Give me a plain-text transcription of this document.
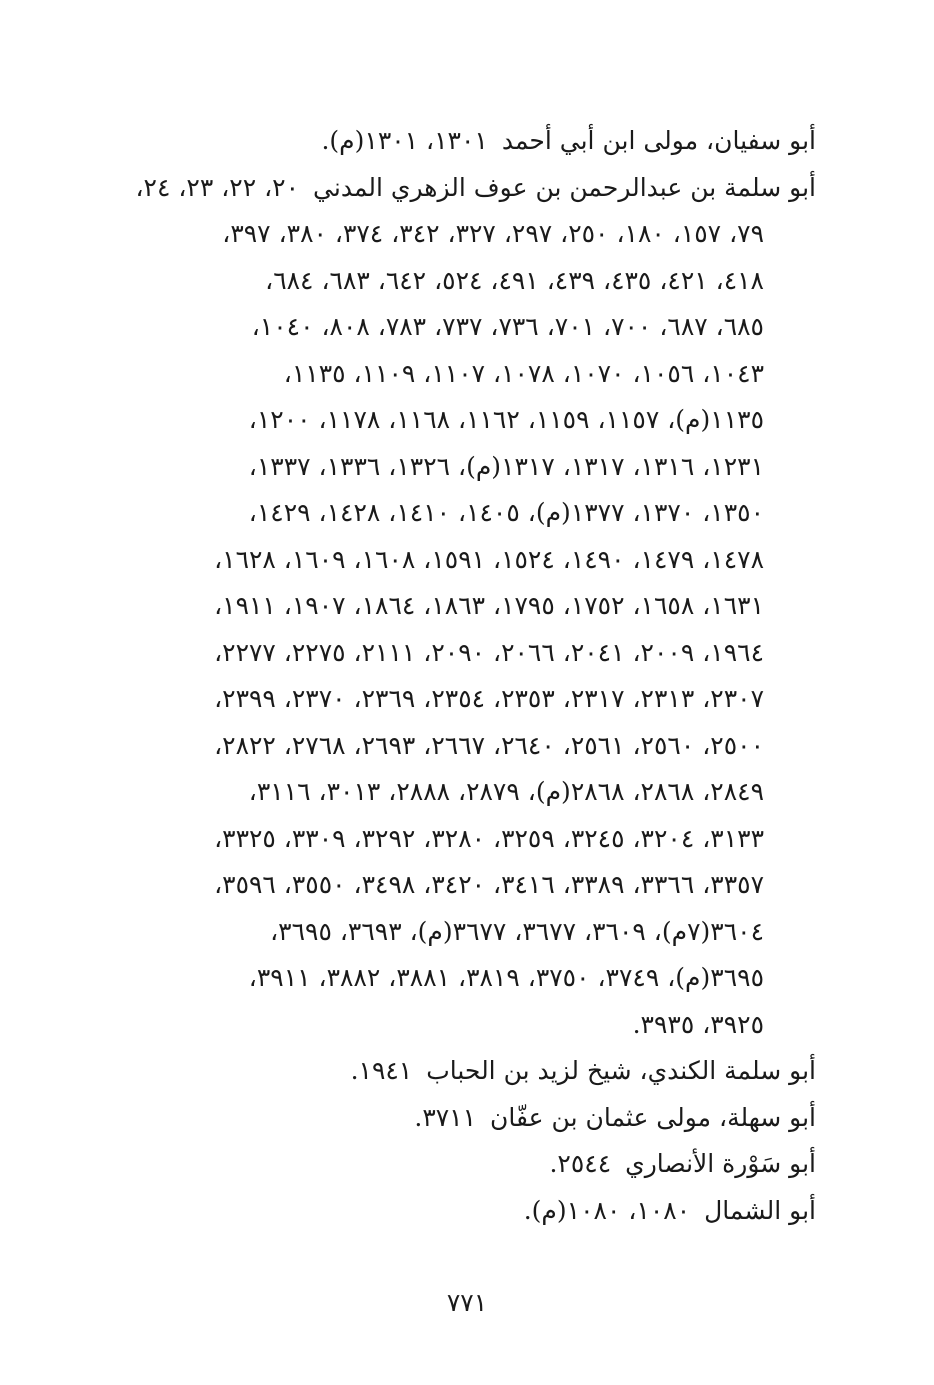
أبو سفيان، مولى ابن أبي أحمد١٣٠١، ١٣٠١(م).
أبو سلمة بن عبدالرحمن بن عوف الزهري المدني٢٠، ٢٢، ٢٣، ٢٤،
٧٩، ١٥٧، ١٨٠، ٢٥٠، ٢٩٧، ٣٢٧، ٣٤٢، ٣٧٤، ٣٨٠، ٣٩٧،
٤١٨، ٤٢١، ٤٣٥، ٤٣٩، ٤٩١، ٥٢٤، ٦٤٢، ٦٨٣، ٦٨٤،
٦٨٥، ٦٨٧، ٧٠٠، ٧٠١، ٧٣٦، ٧٣٧، ٧٨٣، ٨٠٨، ١٠٤٠،
١٠٤٣، ١٠٥٦، ١٠٧٠، ١٠٧٨، ١١٠٧، ١١٠٩، ١١٣٥،
١١٣٥(م)، ١١٥٧، ١١٥٩، ١١٦٢، ١١٦٨، ١١٧٨، ١٢٠٠،
١٢٣١، ١٣١٦، ١٣١٧، ١٣١٧(م)، ١٣٢٦، ١٣٣٦، ١٣٣٧،
١٣٥٠، ١٣٧٠، ١٣٧٧(م)، ١٤٠٥، ١٤١٠، ١٤٢٨، ١٤٢٩،
١٤٧٨، ١٤٧٩، ١٤٩٠، ١٥٢٤، ١٥٩١، ١٦٠٨، ١٦٠٩، ١٦٢٨،
١٦٣١، ١٦٥٨، ١٧٥٢، ١٧٩٥، ١٨٦٣، ١٨٦٤، ١٩٠٧، ١٩١١،
١٩٦٤، ٢٠٠٩، ٢٠٤١، ٢٠٦٦، ٢٠٩٠، ٢١١١، ٢٢٧٥، ٢٢٧٧،
٢٣٠٧، ٢٣١٣، ٢٣١٧، ٢٣٥٣، ٢٣٥٤، ٢٣٦٩، ٢٣٧٠، ٢٣٩٩،
٢٥٠٠، ٢٥٦٠، ٢٥٦١، ٢٦٤٠، ٢٦٦٧، ٢٦٩٣، ٢٧٦٨، ٢٨٢٢،
٢٨٤٩، ٢٨٦٨، ٢٨٦٨(م)، ٢٨٧٩، ٢٨٨٨، ٣٠١٣، ٣١١٦،
٣١٣٣، ٣٢٠٤، ٣٢٤٥، ٣٢٥٩، ٣٢٨٠، ٣٢٩٢، ٣٣٠٩، ٣٣٢٥،
٣٣٥٧، ٣٣٦٦، ٣٣٨٩، ٣٤١٦، ٣٤٢٠، ٣٤٩٨، ٣٥٥٠، ٣٥٩٦،
٣٦٠٤(٧م)، ٣٦٠٩، ٣٦٧٧، ٣٦٧٧(م)، ٣٦٩٣، ٣٦٩٥،
٣٦٩٥(م)، ٣٧٤٩، ٣٧٥٠، ٣٨١٩، ٣٨٨١، ٣٨٨٢، ٣٩١١،
٣٩٢٥، ٣٩٣٥.
أبو سلمة الكندي، شيخ لزيد بن الحباب١٩٤١.
أبو سهلة، مولى عثمان بن عفّان٣٧١١.
أبو سَوْرة الأنصاري٢٥٤٤.
أبو الشمال١٠٨٠، ١٠٨٠(م).
٧٧١
